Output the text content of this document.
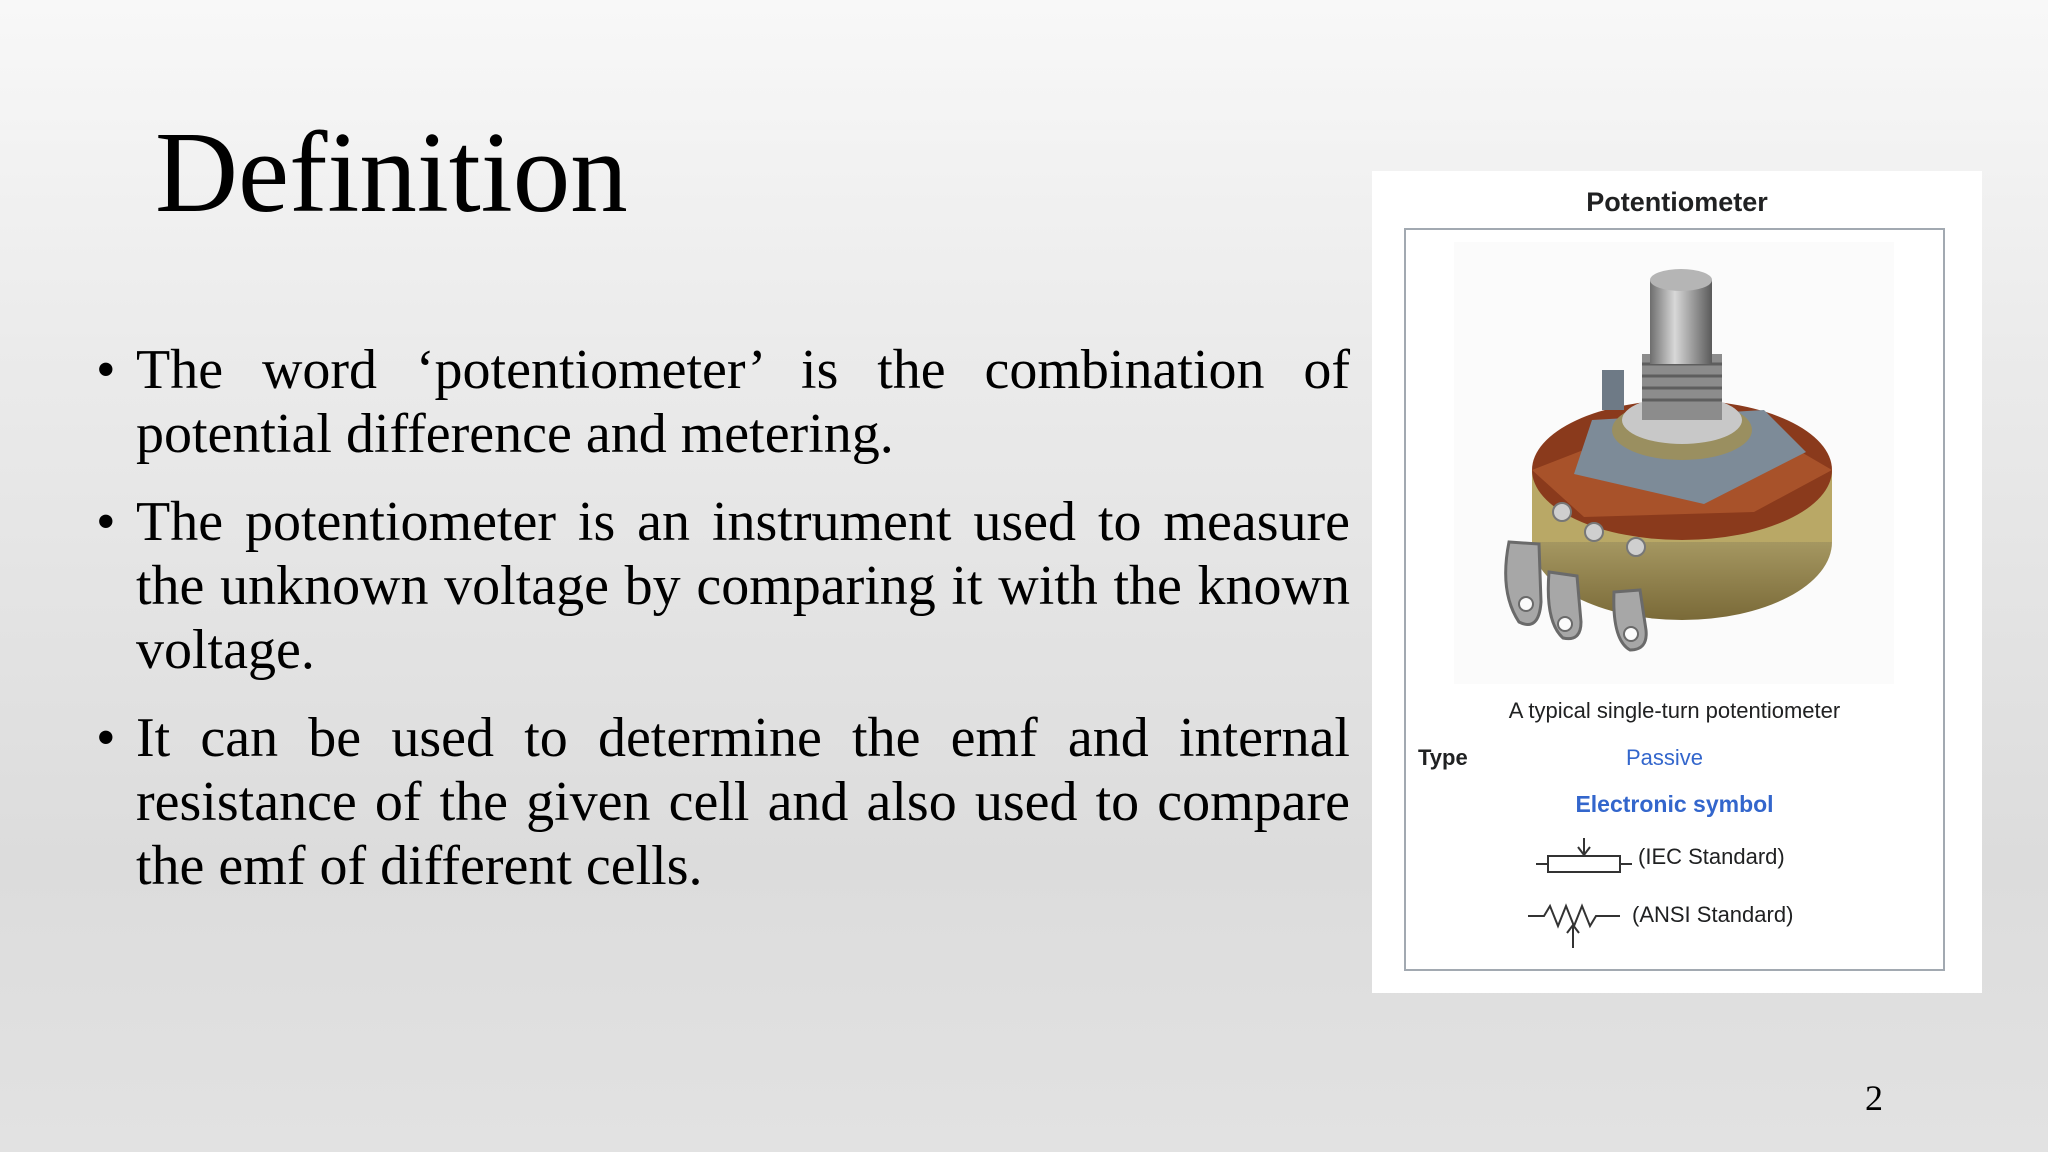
Definition
• The word ‘potentiometer’ is the combination of potential difference and metering.
• The potentiometer is an instrument used to measure the unknown voltage by comparing it with the known voltage.
• It can be used to determine the emf and internal resistance of the given cell and also used to compare the emf of different cells.
Potentiometer
A typical single-turn potentiometer
Type	Passive
Electronic symbol
(IEC Standard)
(ANSI Standard)
2
